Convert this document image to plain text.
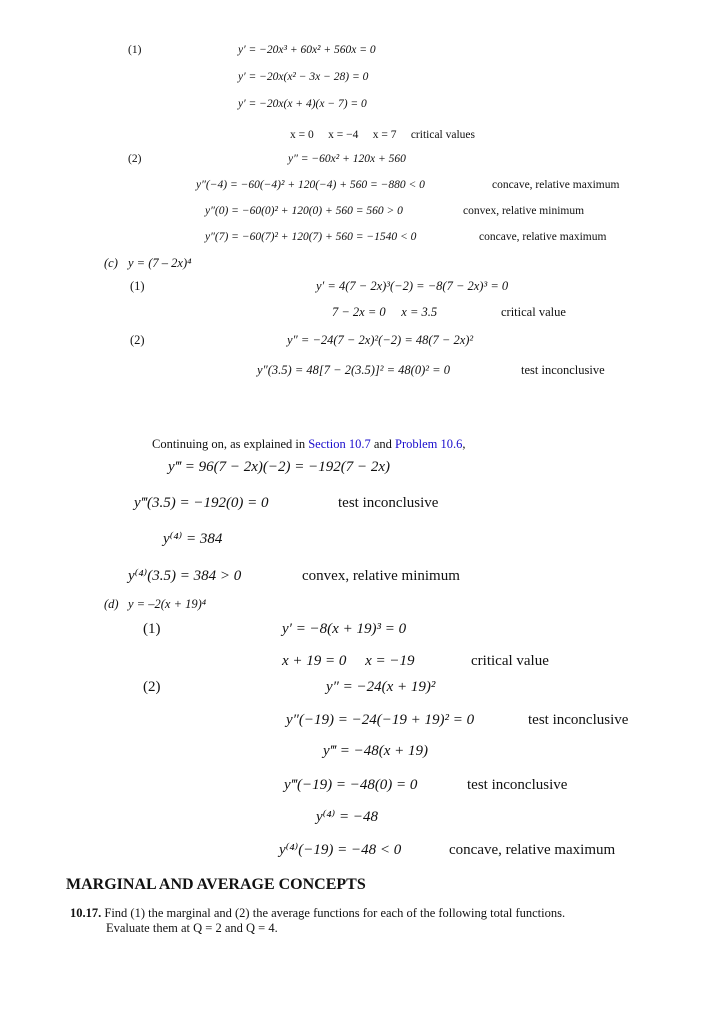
(1)	y′ = −20x³ + 60x² + 560x = 0
y′ = −20x(x² − 3x − 28) = 0
y′ = −20x(x + 4)(x − 7) = 0
x = 0     x = −4     x = 7     critical values
(2)	y″ = −60x² + 120x + 560
y″(−4) = −60(−4)² + 120(−4) + 560 = −880 < 0	concave, relative maximum
y″(0) = −60(0)² + 120(0) + 560 = 560 > 0	convex, relative minimum
y″(7) = −60(7)² + 120(7) + 560 = −1540 < 0	concave, relative maximum
(c) y = (7 – 2x)⁴
(1)	y′ = 4(7 − 2x)³(−2) = −8(7 − 2x)³ = 0
7 − 2x = 0     x = 3.5	critical value
(2)	y″ = −24(7 − 2x)²(−2) = 48(7 − 2x)²
y″(3.5) = 48[7 − 2(3.5)]² = 48(0)² = 0	test inconclusive
Continuing on, as explained in Section 10.7 and Problem 10.6,
y‴ = 96(7 − 2x)(−2) = −192(7 − 2x)
y‴(3.5) = −192(0) = 0	test inconclusive
y⁽⁴⁾ = 384
y⁽⁴⁾(3.5) = 384 > 0	convex, relative minimum
(d) y = –2(x + 19)⁴
(1)	y′ = −8(x + 19)³ = 0
x + 19 = 0     x = −19	critical value
(2)	y″ = −24(x + 19)²
y″(−19) = −24(−19 + 19)² = 0	test inconclusive
y‴ = −48(x + 19)
y‴(−19) = −48(0) = 0	test inconclusive
y⁽⁴⁾ = −48
y⁽⁴⁾(−19) = −48 < 0	concave, relative maximum
MARGINAL AND AVERAGE CONCEPTS
10.17. Find (1) the marginal and (2) the average functions for each of the following total functions.
Evaluate them at Q = 2 and Q = 4.
